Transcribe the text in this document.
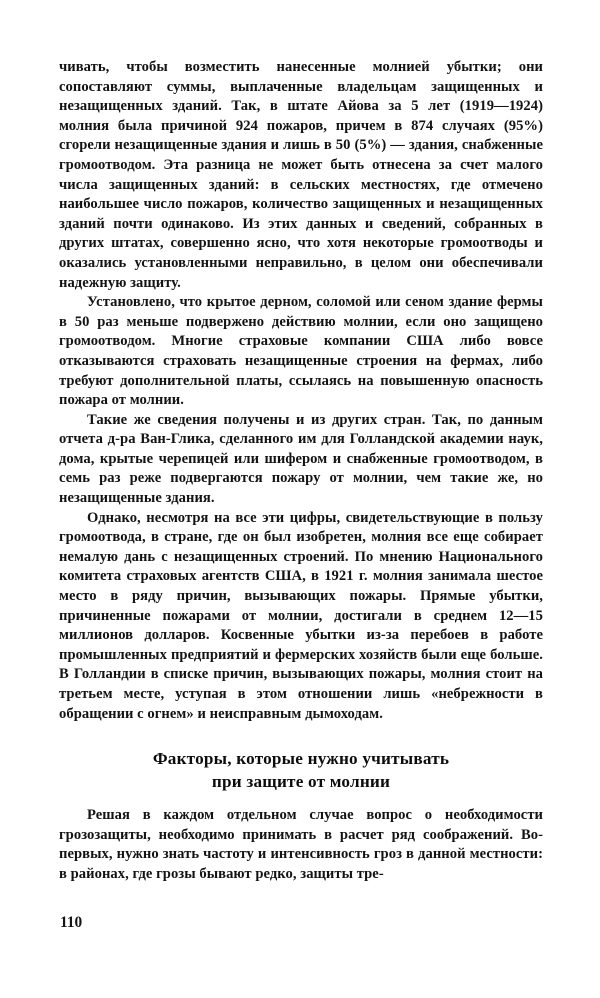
чивать, чтобы возместить нанесенные молнией убытки; они сопоставляют суммы, выплаченные владельцам защищенных и незащищенных зданий. Так, в штате Айова за 5 лет (1919—1924) молния была причиной 924 пожаров, причем в 874 случаях (95%) сгорели незащищенные здания и лишь в 50 (5%) — здания, снабженные громоотводом. Эта разница не может быть отнесена за счет малого числа защищенных зданий: в сельских местностях, где отмечено наибольшее число пожаров, количество защищенных и незащищенных зданий почти одинаково. Из этих данных и сведений, собранных в других штатах, совершенно ясно, что хотя некоторые громоотводы и оказались установленными неправильно, в целом они обеспечивали надежную защиту.

Установлено, что крытое дерном, соломой или сеном здание фермы в 50 раз меньше подвержено действию молнии, если оно защищено громоотводом. Многие страховые компании США либо вовсе отказываются страховать незащищенные строения на фермах, либо требуют дополнительной платы, ссылаясь на повышенную опасность пожара от молнии.

Такие же сведения получены и из других стран. Так, по данным отчета д-ра Ван-Глика, сделанного им для Голландской академии наук, дома, крытые черепицей или шифером и снабженные громоотводом, в семь раз реже подвергаются пожару от молнии, чем такие же, но незащищенные здания.

Однако, несмотря на все эти цифры, свидетельствующие в пользу громоотвода, в стране, где он был изобретен, молния все еще собирает немалую дань с незащищенных строений. По мнению Национального комитета страховых агентств США, в 1921 г. молния занимала шестое место в ряду причин, вызывающих пожары. Прямые убытки, причиненные пожарами от молнии, достигали в среднем 12—15 миллионов долларов. Косвенные убытки из-за перебоев в работе промышленных предприятий и фермерских хозяйств были еще больше. В Голландии в списке причин, вызывающих пожары, молния стоит на третьем месте, уступая в этом отношении лишь «небрежности в обращении с огнем» и неисправным дымоходам.

Факторы, которые нужно учитывать
при защите от молнии

Решая в каждом отдельном случае вопрос о необходимости грозозащиты, необходимо принимать в расчет ряд соображений. Во-первых, нужно знать частоту и интенсивность гроз в данной местности: в районах, где грозы бывают редко, защиты тре-

110
